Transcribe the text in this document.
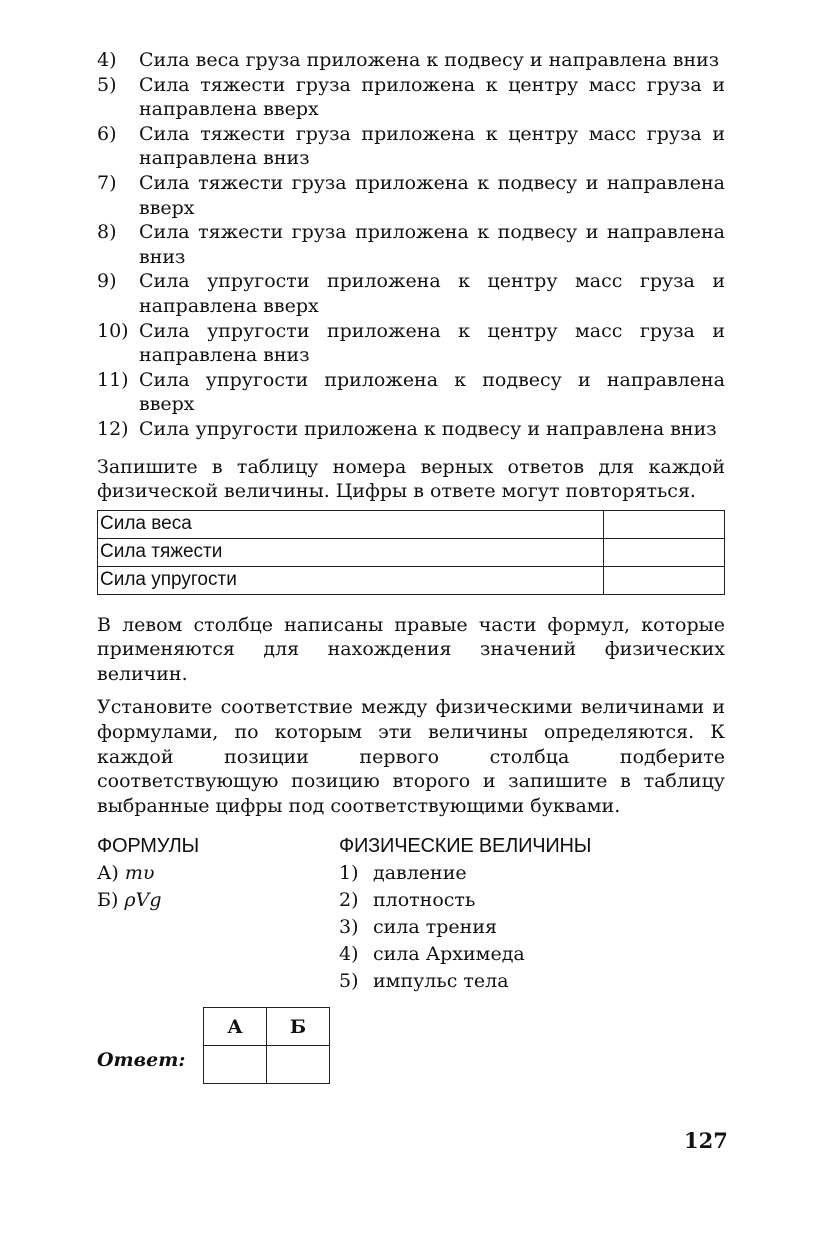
4)	Сила веса груза приложена к подвесу и направлена вниз
5)	Сила тяжести груза приложена к центру масс груза и направлена вверх
6)	Сила тяжести груза приложена к центру масс груза и направлена вниз
7)	Сила тяжести груза приложена к подвесу и направлена вверх
8)	Сила тяжести груза приложена к подвесу и направлена вниз
9)	Сила упругости приложена к центру масс груза и направлена вверх
10) Сила упругости приложена к центру масс груза и направлена вниз
11) Сила упругости приложена к подвесу и направлена вверх
12) Сила упругости приложена к подвесу и направлена вниз

Запишите в таблицу номера верных ответов для каждой физической величины. Цифры в ответе могут повторяться.

Сила веса	
Сила тяжести	
Сила упругости	

В левом столбце написаны правые части формул, которые применяются для нахождения значений физических величин.

Установите соответствие между физическими величинами и формулами, по которым эти величины определяются. К каждой позиции первого столбца подберите соответствующую позицию второго и запишите в таблицу выбранные цифры под соответствующими буквами.

ФОРМУЛЫ
А) mυ
Б) ρVg
ФИЗИЧЕСКИЕ ВЕЛИЧИНЫ
1) давление
2) плотность
3) сила трения
4) сила Архимеда
5) импульс тела
Ответ:
А	Б

127
